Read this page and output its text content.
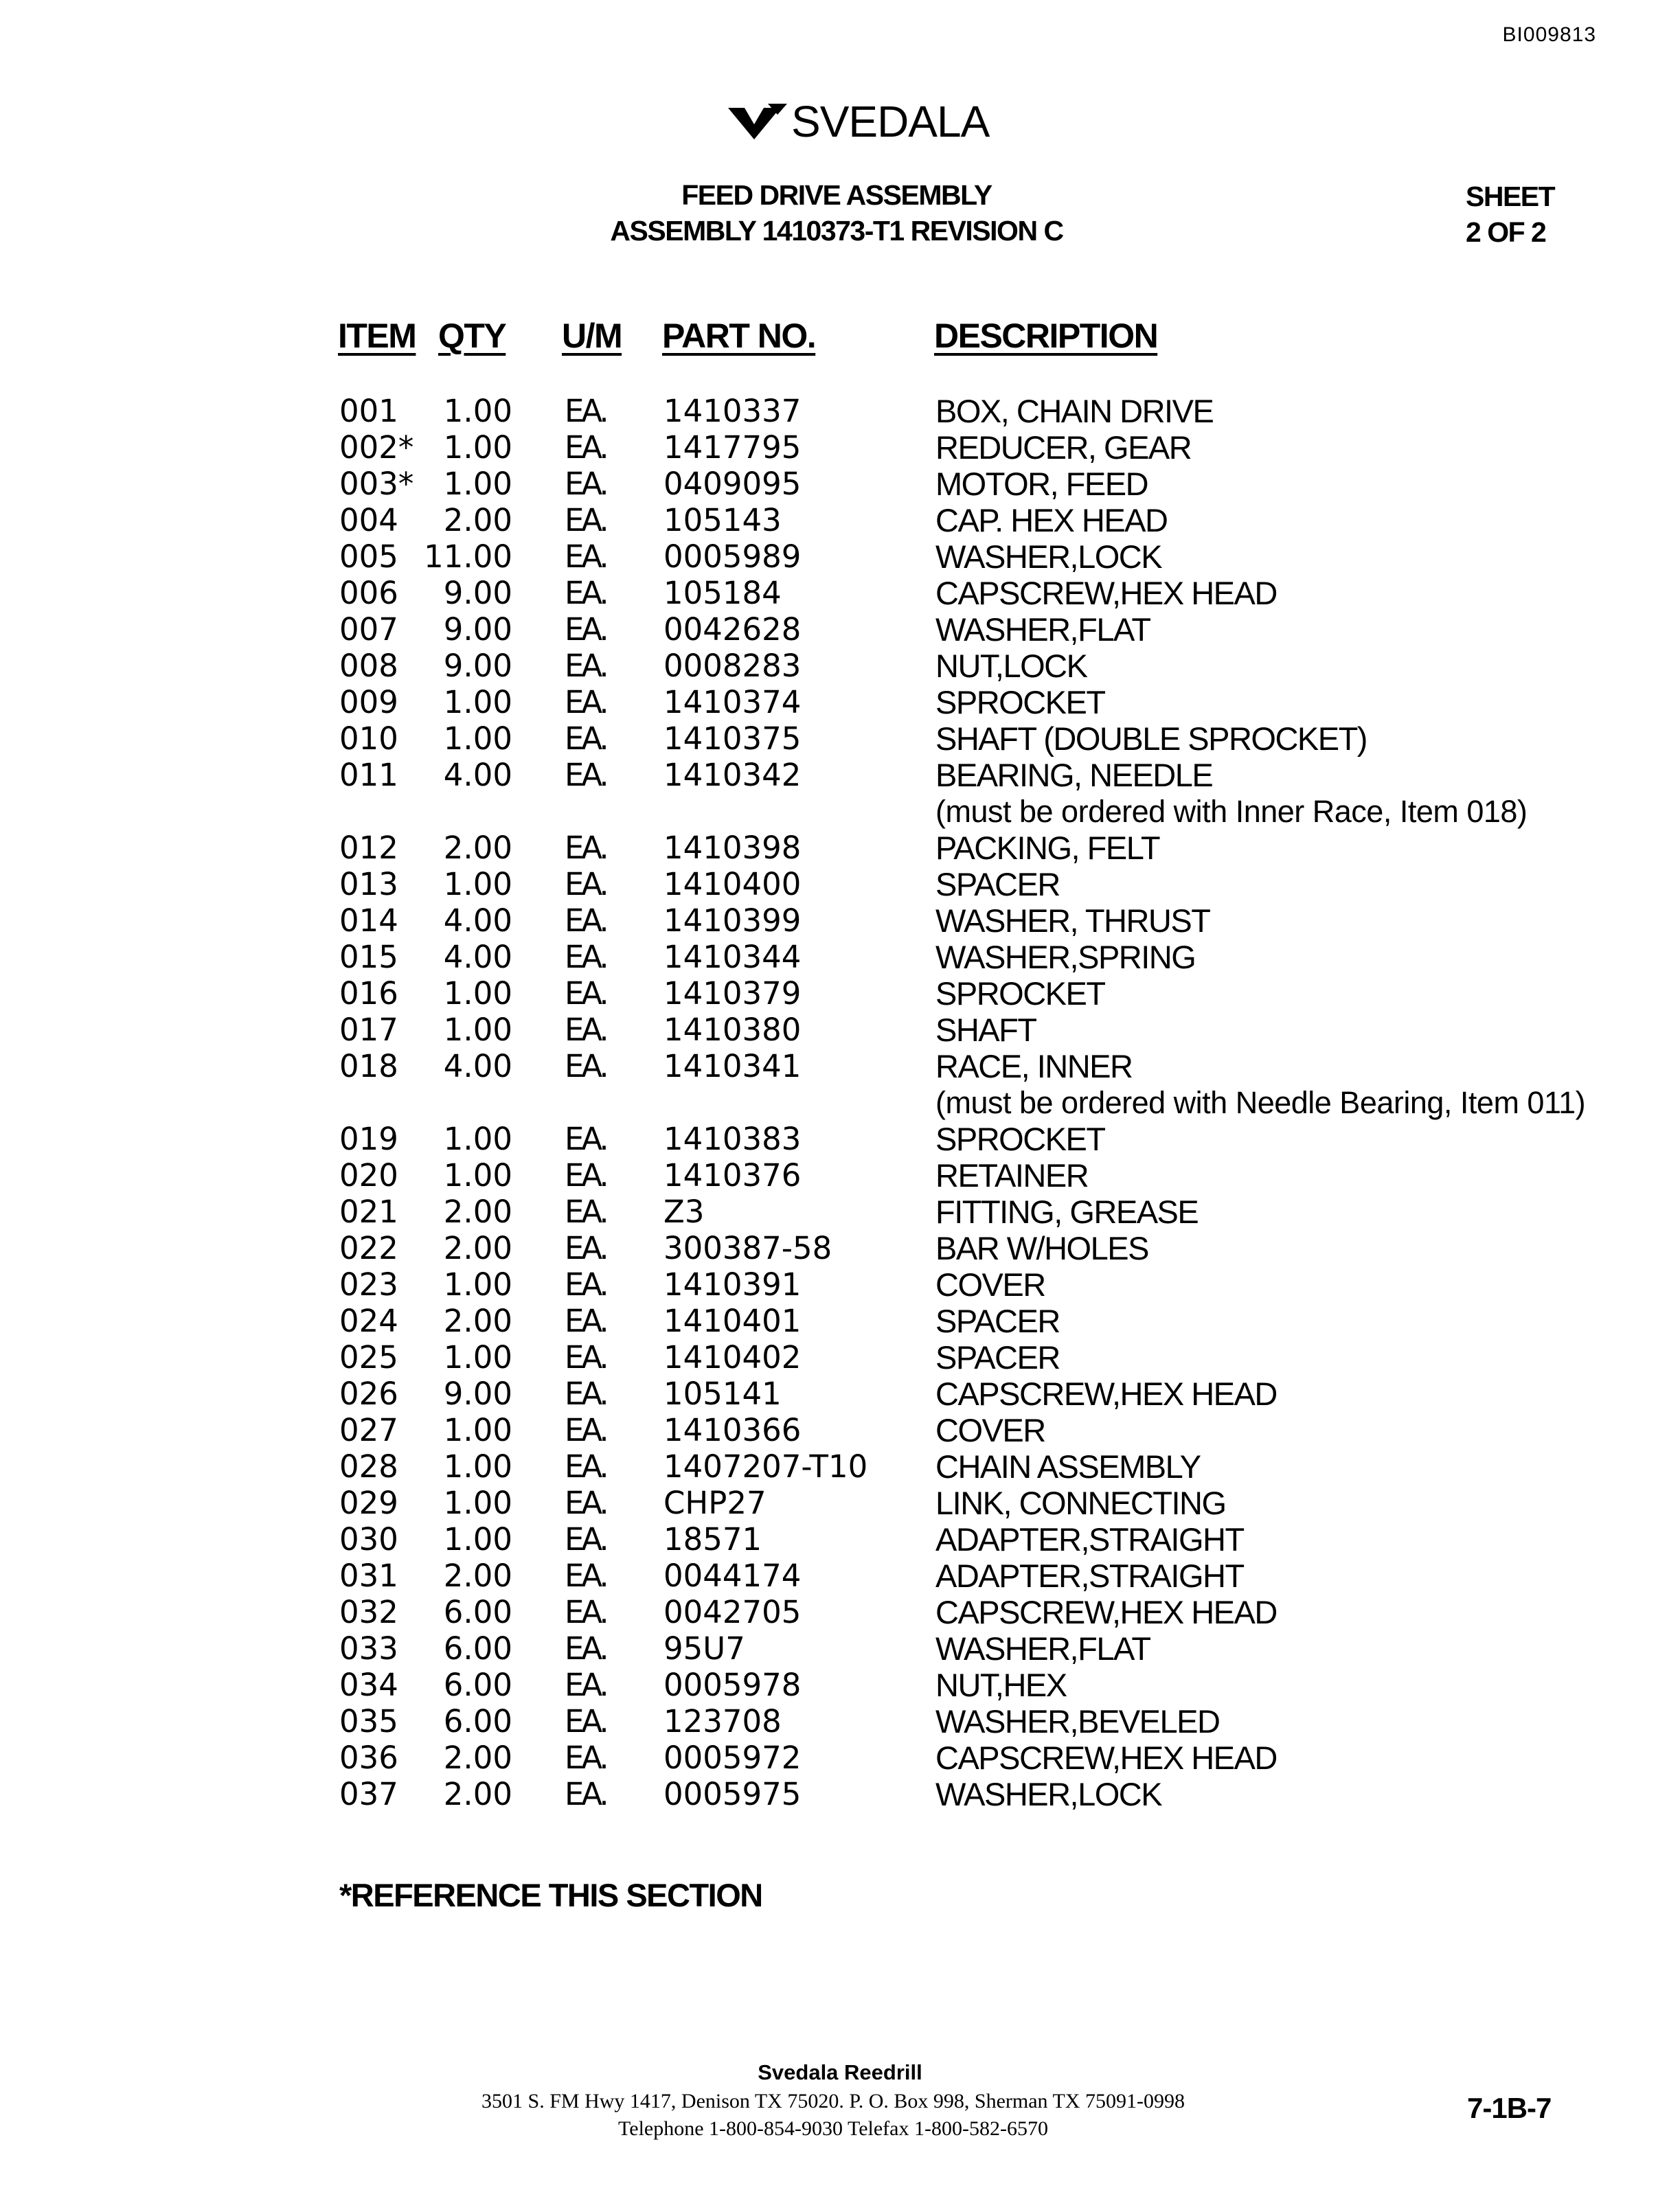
BI009813
SVEDALA
FEED DRIVE ASSEMBLY
ASSEMBLY 1410373-T1 REVISION C
SHEET
2 OF 2
ITEM QTY U/M PART NO.	DESCRIPTION
001 1.00 EA. 1410337	BOX, CHAIN DRIVE
002* 1.00 EA. 1417795	REDUCER, GEAR
003* 1.00 EA. 0409095	MOTOR, FEED
004 2.00 EA. 105143	CAP. HEX HEAD
005 11.00 EA. 0005989	WASHER,LOCK
006 9.00 EA. 105184	CAPSCREW,HEX HEAD
007 9.00 EA. 0042628	WASHER,FLAT
008 9.00 EA. 0008283	NUT,LOCK
009 1.00 EA. 1410374	SPROCKET
010 1.00 EA. 1410375	SHAFT (DOUBLE SPROCKET)
011 4.00 EA. 1410342	BEARING, NEEDLE
(must be ordered with Inner Race, Item 018)
012 2.00 EA. 1410398	PACKING, FELT
013 1.00 EA. 1410400	SPACER
014 4.00 EA. 1410399	WASHER, THRUST
015 4.00 EA. 1410344	WASHER,SPRING
016 1.00 EA. 1410379	SPROCKET
017 1.00 EA. 1410380	SHAFT
018 4.00 EA. 1410341	RACE, INNER
(must be ordered with Needle Bearing, Item 011)
019 1.00 EA. 1410383	SPROCKET
020 1.00 EA. 1410376	RETAINER
021 2.00 EA. Z3	FITTING, GREASE
022 2.00 EA. 300387-58	BAR W/HOLES
023 1.00 EA. 1410391	COVER
024 2.00 EA. 1410401	SPACER
025 1.00 EA. 1410402	SPACER
026 9.00 EA. 105141	CAPSCREW,HEX HEAD
027 1.00 EA. 1410366	COVER
028 1.00 EA. 1407207-T10 CHAIN ASSEMBLY
029 1.00 EA. CHP27	LINK, CONNECTING
030 1.00 EA. 18571	ADAPTER,STRAIGHT
031 2.00 EA. 0044174	ADAPTER,STRAIGHT
032 6.00 EA. 0042705	CAPSCREW,HEX HEAD
033 6.00 EA. 95U7	WASHER,FLAT
034 6.00 EA. 0005978	NUT,HEX
035 6.00 EA. 123708	WASHER,BEVELED
036 2.00 EA. 0005972	CAPSCREW,HEX HEAD
037 2.00 EA. 0005975	WASHER,LOCK
*REFERENCE THIS SECTION
Svedala Reedrill
3501 S. FM Hwy 1417, Denison TX 75020. P. O. Box 998, Sherman TX 75091-0998
Telephone 1-800-854-9030 Telefax 1-800-582-6570
7-1B-7
